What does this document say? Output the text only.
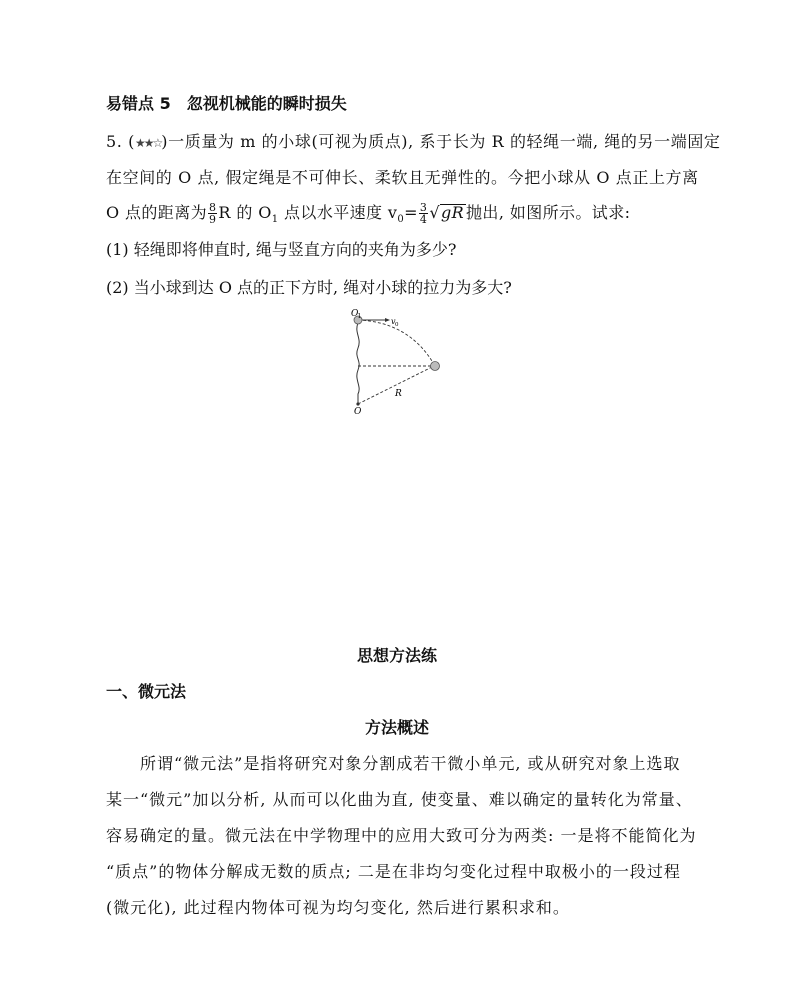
易错点 5　忽视机械能的瞬时损失
5. (★★☆)一质量为 m 的小球(可视为质点), 系于长为 R 的轻绳一端, 绳的另一端固定
在空间的 O 点, 假定绳是不可伸长、柔软且无弹性的。今把小球从 O 点正上方离
O 点的距离为 $\frac{8}{9}$ R 的 $O_1$ 点以水平速度 $v_0= \frac{3}{4} √gR$ 抛出, 如图所示。试求:
(1) 轻绳即将伸直时, 绳与竖直方向的夹角为多少?
(2) 当小球到达 O 点的正下方时, 绳对小球的拉力为多大?
O 1
v 0
O
R
思想方法练
一、微元法
方法概述
　　所谓“微元法”是指将研究对象分割成若干微小单元, 或从研究对象上选取
某一“微元”加以分析, 从而可以化曲为直, 使变量、难以确定的量转化为常量、
容易确定的量。微元法在中学物理中的应用大致可分为两类: 一是将不能简化为
“质点”的物体分解成无数的质点; 二是在非均匀变化过程中取极小的一段过程
(微元化), 此过程内物体可视为均匀变化, 然后进行累积求和。
